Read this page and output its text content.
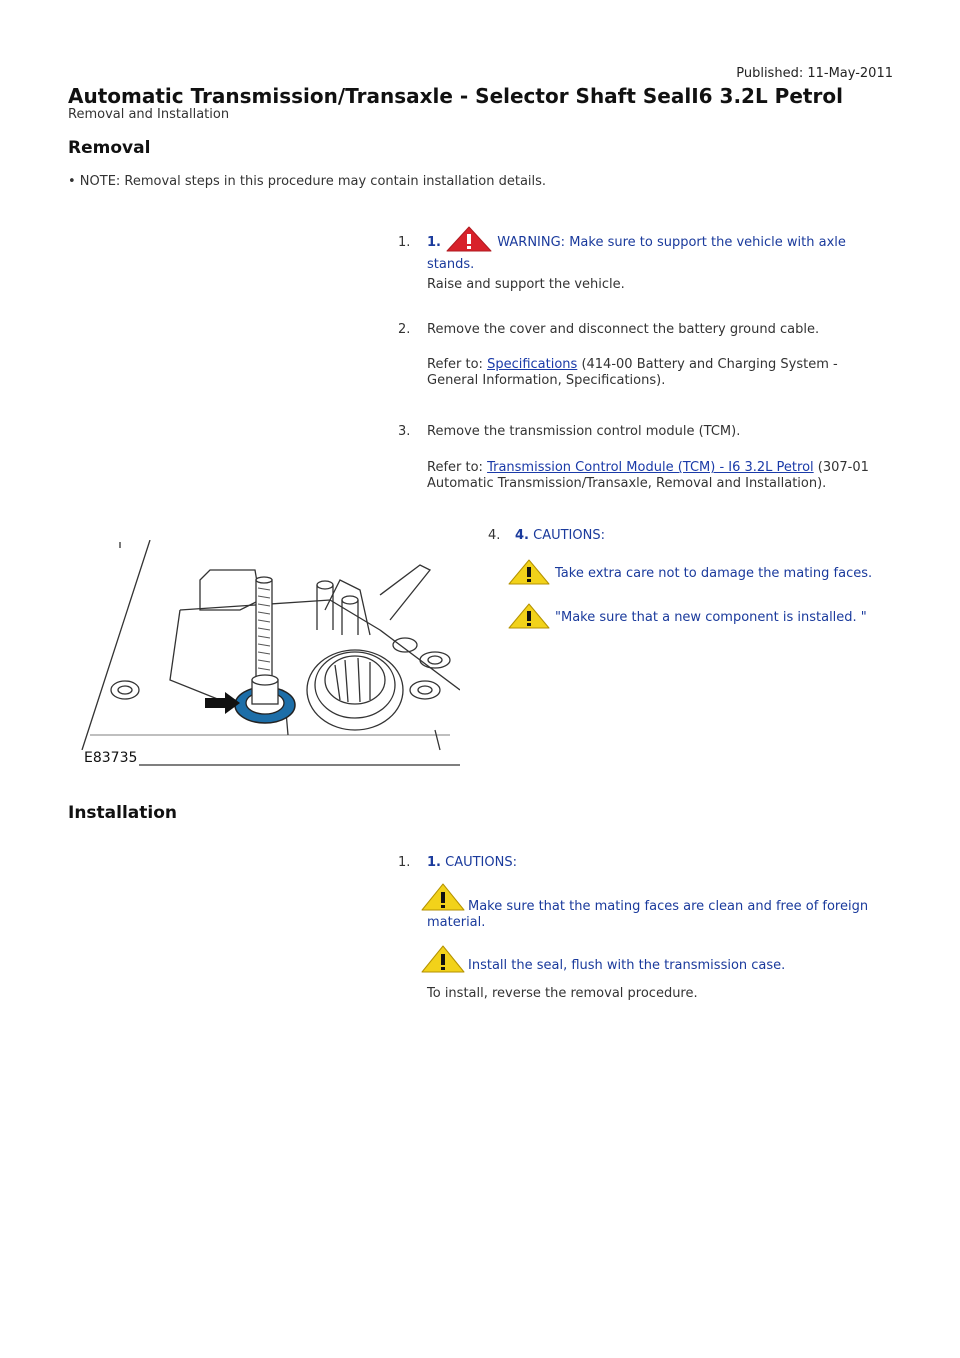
Published: 11-May-2011
Automatic Transmission/Transaxle - Selector Shaft SealI6 3.2L Petrol
Removal and Installation
Removal
• NOTE: Removal steps in this procedure may contain installation details.
1. 1.	WARNING: Make sure to support the vehicle with axle stands.
Raise and support the vehicle.
2. Remove the cover and disconnect the battery ground cable.
Refer to: Specifications (414-00 Battery and Charging System - General Information, Specifications).
3. Remove the transmission control module (TCM).
Refer to: Transmission Control Module (TCM) - I6 3.2L Petrol (307-01 Automatic Transmission/Transaxle, Removal and Installation).
4. 4. CAUTIONS:
Take extra care not to damage the mating faces.
"Make sure that a new component is installed. "
E83735
Installation
1. 1. CAUTIONS:
Make sure that the mating faces are clean and free of foreign material.
Install the seal, flush with the transmission case.
To install, reverse the removal procedure.
